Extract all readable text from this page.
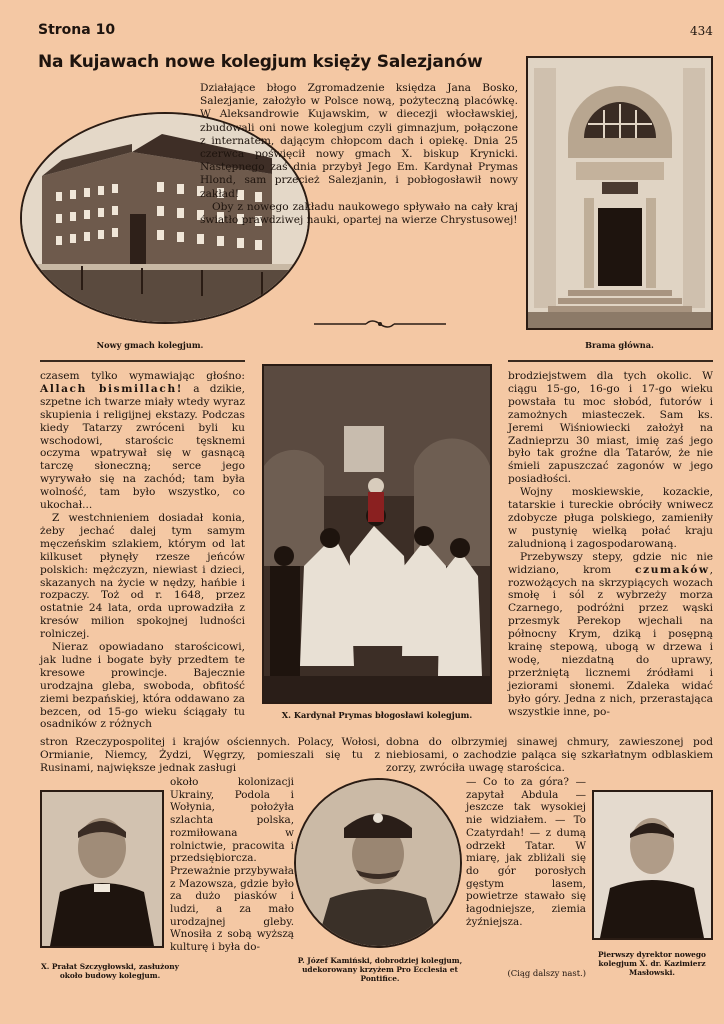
Strona 10	434
Na Kujawach nowe kolegjum księży Salezjanów
Nowy gmach kolegjum.

Działające błogo Zgromadzenie księdza Jana Bosko, Salezjanie, założyło w Polsce nową, pożyteczną placówkę. W Aleksandrowie Kujawskim, w diecezji włocławskiej, zbudowali oni nowe kolegjum czyli gimnazjum, połączone z internatem, dającym chłopcom dach i opiekę. Dnia 25 czerwca poświęcił nowy gmach X. biskup Krynicki. Następnego zaś dnia przybył Jego Em. Kardynał Prymas Hlond, sam przecież Salezjanin, i pobłogosławił nowy zakład!

Oby z nowego zakładu naukowego spływało na cały kraj światło prawdziwej nauki, opartej na wierze Chrystusowej!

Brama główna.

czasem tylko wymawiając głośno: Allach bismillach! a dzikie, szpetne ich twarze miały wtedy wyraz skupienia i religijnej ekstazy. Podczas kiedy Tatarzy zwróceni byli ku wschodowi, starościc tęsknemi oczyma wpatrywał się w gasnącą tarczę słoneczną; serce jego wyrywało się na zachód; tam była wolność, tam było wszystko, co ukochał...

Z westchnieniem dosiadał konia, żeby jechać dalej tym samym męczeńskim szlakiem, którym od lat kilkuset płynęły rzesze jeńców polskich: mężczyzn, niewiast i dzieci, skazanych na życie w nędzy, hańbie i rozpaczy. Toż od r. 1648, przez ostatnie 24 lata, orda uprowadziła z kresów milion spokojnej ludności rolniczej.

Nieraz opowiadano starościcowi, jak ludne i bogate były przedtem te kresowe prowincje. Bajecznie urodzajna gleba, swoboda, obfitość ziemi bezpańskiej, która oddawano za bezcen, od 15-go wieku ściągały tu osadników z różnych

X. Kardynał Prymas błogosławi kolegjum.

brodziejstwem dla tych okolic. W ciągu 15-go, 16-go i 17-go wieku powstała tu moc słobód, futorów i zamożnych miasteczek. Sam ks. Jeremi Wiśniowiecki założył na Zadnieprzu 30 miast, imię zaś jego było tak groźne dla Tatarów, że nie śmieli zapuszczać zagonów w jego posiadłości.

Wojny moskiewskie, kozackie, tatarskie i tureckie obróciły wniwecz zdobycze pługa polskiego, zamieniły w pustynię wielką połać kraju zaludnioną i zagospodarowaną.

Przebywszy stepy, gdzie nic nie widziano, krom czumaków, rozwożących na skrzypiących wozach smołę i sól z wybrzeży morza Czarnego, podróżni przez wąski przesmyk Perekop wjechali na północny Krym, dziką i posępną krainę stepową, ubogą w drzewa i wodę, niezdatną do uprawy, przerżniętą licznemi źródłami i jeziorami słonemi. Zdaleka widać było góry. Jedna z nich, przerastająca wszystkie inne, po-

stron Rzeczypospolitej i krajów ościennych. Polacy, Wołosi, Ormianie, Niemcy, Żydzi, Węgrzy, pomieszali się tu z Rusinami, największe jednak zasługi
dobna do olbrzymiej sinawej chmury, zawieszonej pod niebiosami, o zachodzie paląca się szkarłatnym odblaskiem zorzy, zwróciła uwagę starościca.
X. Prałat Szczygłowski, zasłużony około budowy kolegjum.
około kolonizacji Ukrainy, Podola i Wołynia, położyła szlachta polska, rozmiłowana w rolnictwie, pracowita i przedsiębiorcza. Przeważnie przybywała z Mazowsza, gdzie było za dużo piasków i ludzi, a za mało urodzajnej gleby. Wnosiła z sobą wyższą kulturę i była do-
P. Józef Kamiński, dobrodziej kolegjum, udekorowany krzyżem Pro Ecclesia et Pontifice.
— Co to za góra? — zapytał Abdula — jeszcze tak wysokiej nie widziałem. — To Czatyrdah! — z dumą odrzekł Tatar. W miarę, jak zbliżali się do gór porosłych gęstym lasem, powietrze stawało się łagodniejsze, ziemia żyźniejsza.
(Ciąg dalszy nast.)
Pierwszy dyrektor nowego kolegjum X. dr. Kazimierz Masłowski.
